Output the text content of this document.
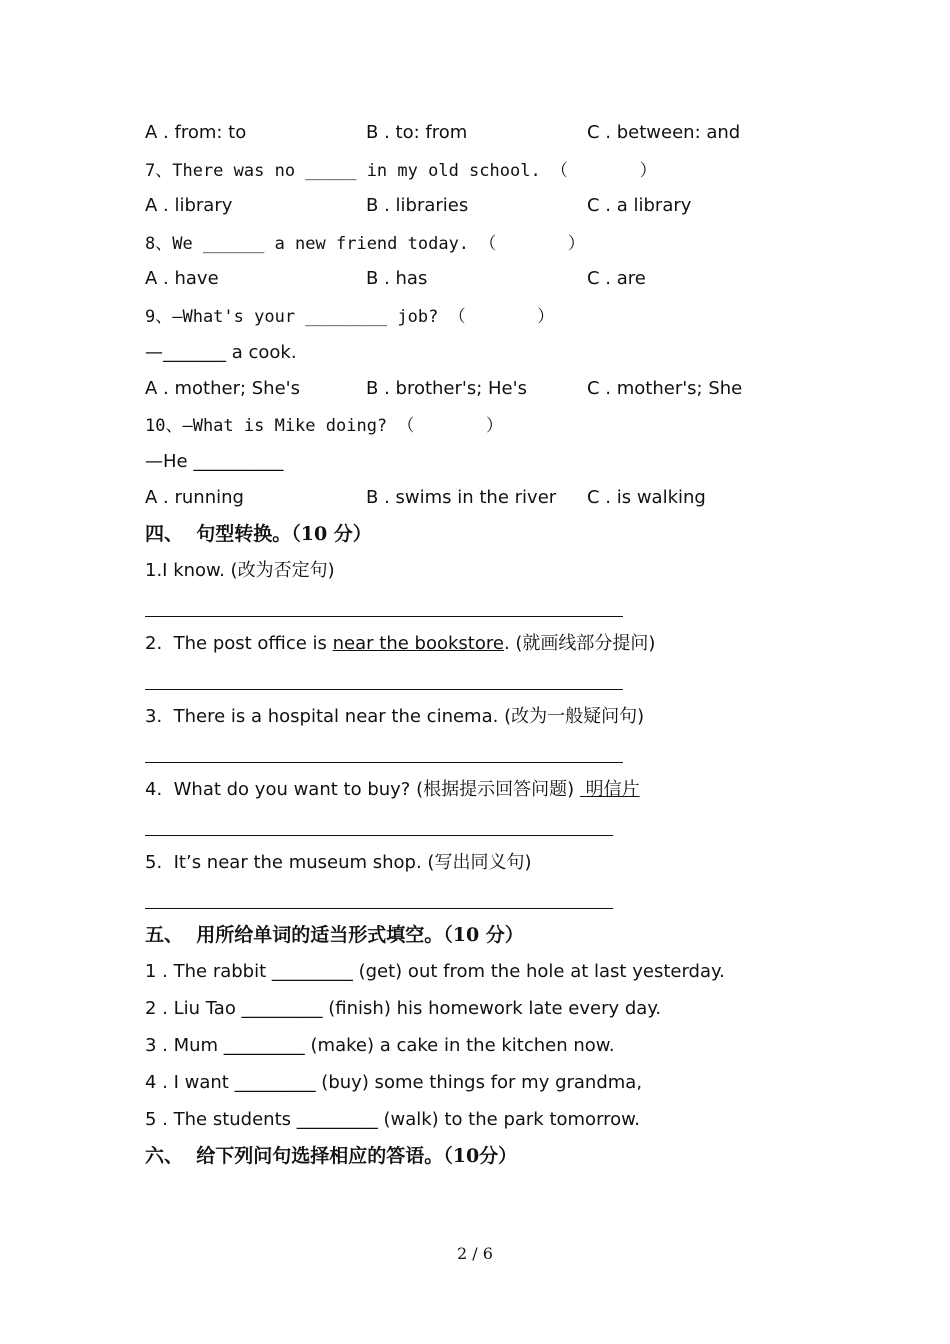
A . from: to	B . to: from	C . between: and
7、There was no _____ in my old school. （       ）
A . library	B . libraries	C . a library
8、We ______ a new friend today. （       ）
A . have	B . has	C . are
9、—What's your ________ job? （       ）
—_______ a cook.
A . mother; She's	B . brother's; He's	C . mother's; She
10、—What is Mike doing? （       ）
—He __________
A . running	B . swims in the river C . is walking
四、  句型转换。（10 分）
1.I know. (改为否定句)
2.  The post office is near the bookstore. (就画线部分提问)
3.  There is a hospital near the cinema. (改为一般疑问句)
4.  What do you want to buy? (根据提示回答问题)  明信片
5.  It’s near the museum shop. (写出同义句)
五、  用所给单词的适当形式填空。（10 分）
1 . The rabbit _________ (get) out from the hole at last yesterday.
2 . Liu Tao _________ (finish) his homework late every day.
3 . Mum _________ (make) a cake in the kitchen now.
4 . I want _________ (buy) some things for my grandma,
5 . The students _________ (walk) to the park tomorrow.
六、  给下列问句选择相应的答语。（10分）
2 / 6
